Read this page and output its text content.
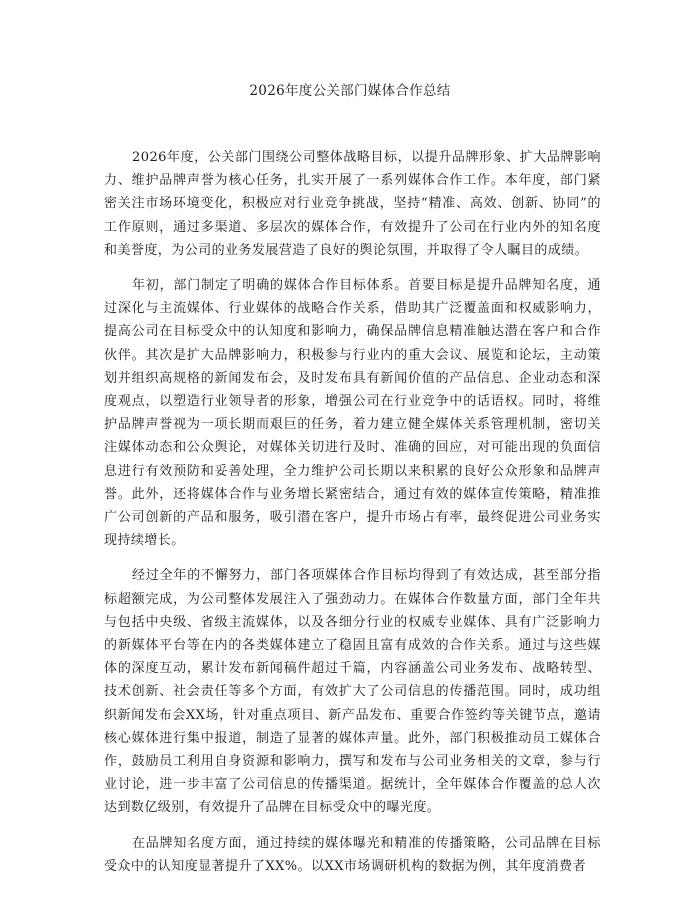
2026年度公关部门媒体合作总结

2026年度，公关部门围绕公司整体战略目标，以提升品牌形象、扩大品牌影响力、维护品牌声誉为核心任务，扎实开展了一系列媒体合作工作。本年度，部门紧密关注市场环境变化，积极应对行业竞争挑战，坚持“精准、高效、创新、协同”的工作原则，通过多渠道、多层次的媒体合作，有效提升了公司在行业内外的知名度和美誉度，为公司的业务发展营造了良好的舆论氛围，并取得了令人瞩目的成绩。

年初，部门制定了明确的媒体合作目标体系。首要目标是提升品牌知名度，通过深化与主流媒体、行业媒体的战略合作关系，借助其广泛覆盖面和权威影响力，提高公司在目标受众中的认知度和影响力，确保品牌信息精准触达潜在客户和合作伙伴。其次是扩大品牌影响力，积极参与行业内的重大会议、展览和论坛，主动策划并组织高规格的新闻发布会，及时发布具有新闻价值的产品信息、企业动态和深度观点，以塑造行业领导者的形象，增强公司在行业竞争中的话语权。同时，将维护品牌声誉视为一项长期而艰巨的任务，着力建立健全媒体关系管理机制，密切关注媒体动态和公众舆论，对媒体关切进行及时、准确的回应，对可能出现的负面信息进行有效预防和妥善处理，全力维护公司长期以来积累的良好公众形象和品牌声誉。此外，还将媒体合作与业务增长紧密结合，通过有效的媒体宣传策略，精准推广公司创新的产品和服务，吸引潜在客户，提升市场占有率，最终促进公司业务实现持续增长。

经过全年的不懈努力，部门各项媒体合作目标均得到了有效达成，甚至部分指标超额完成，为公司整体发展注入了强劲动力。在媒体合作数量方面，部门全年共与包括中央级、省级主流媒体，以及各细分行业的权威专业媒体、具有广泛影响力的新媒体平台等在内的各类媒体建立了稳固且富有成效的合作关系。通过与这些媒体的深度互动，累计发布新闻稿件超过千篇，内容涵盖公司业务发布、战略转型、技术创新、社会责任等多个方面，有效扩大了公司信息的传播范围。同时，成功组织新闻发布会XX场，针对重点项目、新产品发布、重要合作签约等关键节点，邀请核心媒体进行集中报道，制造了显著的媒体声量。此外，部门积极推动员工媒体合作，鼓励员工利用自身资源和影响力，撰写和发布与公司业务相关的文章，参与行业讨论，进一步丰富了公司信息的传播渠道。据统计，全年媒体合作覆盖的总人次达到数亿级别，有效提升了品牌在目标受众中的曝光度。

在品牌知名度方面，通过持续的媒体曝光和精准的传播策略，公司品牌在目标受众中的认知度显著提升了XX%。以XX市场调研机构的数据为例，其年度消费者
